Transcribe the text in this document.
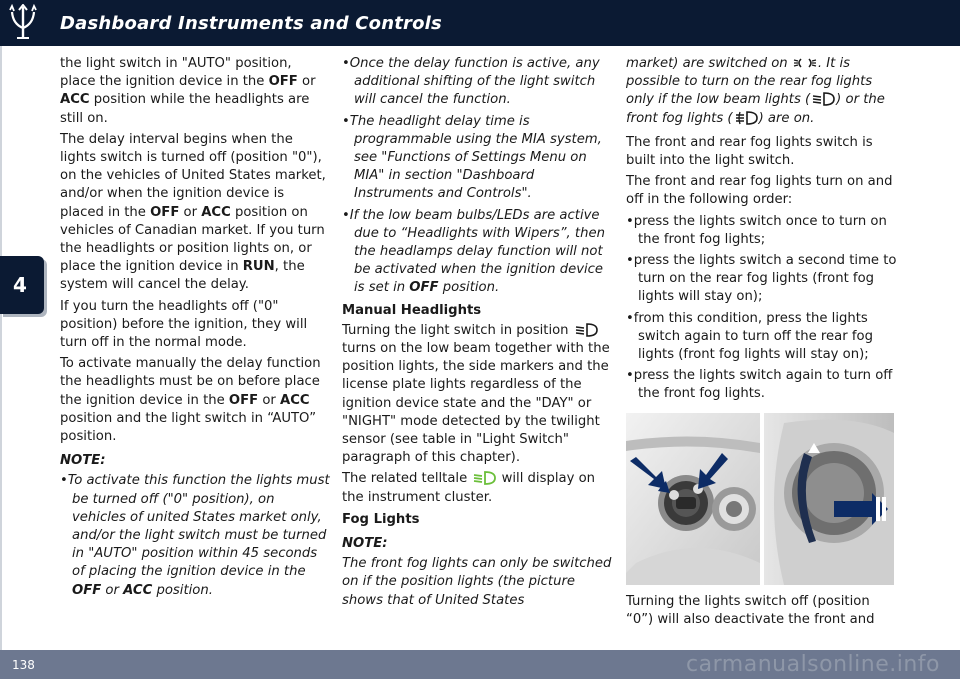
Dashboard Instruments and Controls
4

the light switch in "AUTO" position, place the ignition device in the OFF or ACC position while the headlights are still on.

The delay interval begins when the lights switch is turned off (position "0"), on the vehicles of United States market, and/or when the ignition device is placed in the OFF or ACC position on vehicles of Canadian market. If you turn the headlights or position lights on, or place the ignition device in RUN, the system will cancel the delay.

If you turn the headlights off ("0" position) before the ignition, they will turn off in the normal mode.

To activate manually the delay function the headlights must be on before place the ignition device in the OFF or ACC position and the light switch in “AUTO” position.

NOTE:
• To activate this function the lights must be turned off ("0" position), on vehicles of united States market only, and/or the light switch must be turned in "AUTO" position within 45 seconds of placing the ignition device in the OFF or ACC position.
• Once the delay function is active, any additional shifting of the light switch will cancel the function.
• The headlight delay time is programmable using the MIA system, see "Functions of Settings Menu on MIA" in section "Dashboard Instruments and Controls".
• If the low beam bulbs/LEDs are active due to “Headlights with Wipers”, then the headlamps delay function will not be activated when the ignition device is set in OFF position.
Manual Headlights

Turning the light switch in position  turns on the low beam together with the position lights, the side markers and the license plate lights regardless of the ignition device state and the "DAY" or "NIGHT" mode detected by the twilight sensor (see table in "Light Switch" paragraph of this chapter).

The related telltale  will display on the instrument cluster.

Fog Lights
NOTE:

The front fog lights can only be switched on if the position lights (the picture shows that of United States

market) are switched on . It is possible to turn on the rear fog lights only if the low beam lights ( ) or the front fog lights ( ) are on.

The front and rear fog lights switch is built into the light switch.

The front and rear fog lights turn on and off in the following order:

• press the lights switch once to turn on the front fog lights;
• press the lights switch a second time to turn on the rear fog lights (front fog lights will stay on);
• from this condition, press the lights switch again to turn off the rear fog lights (front fog lights will stay on);
• press the lights switch again to turn off the front fog lights.

Turning the lights switch off (position “0”) will also deactivate the front and

138	carmanualsonline.info
